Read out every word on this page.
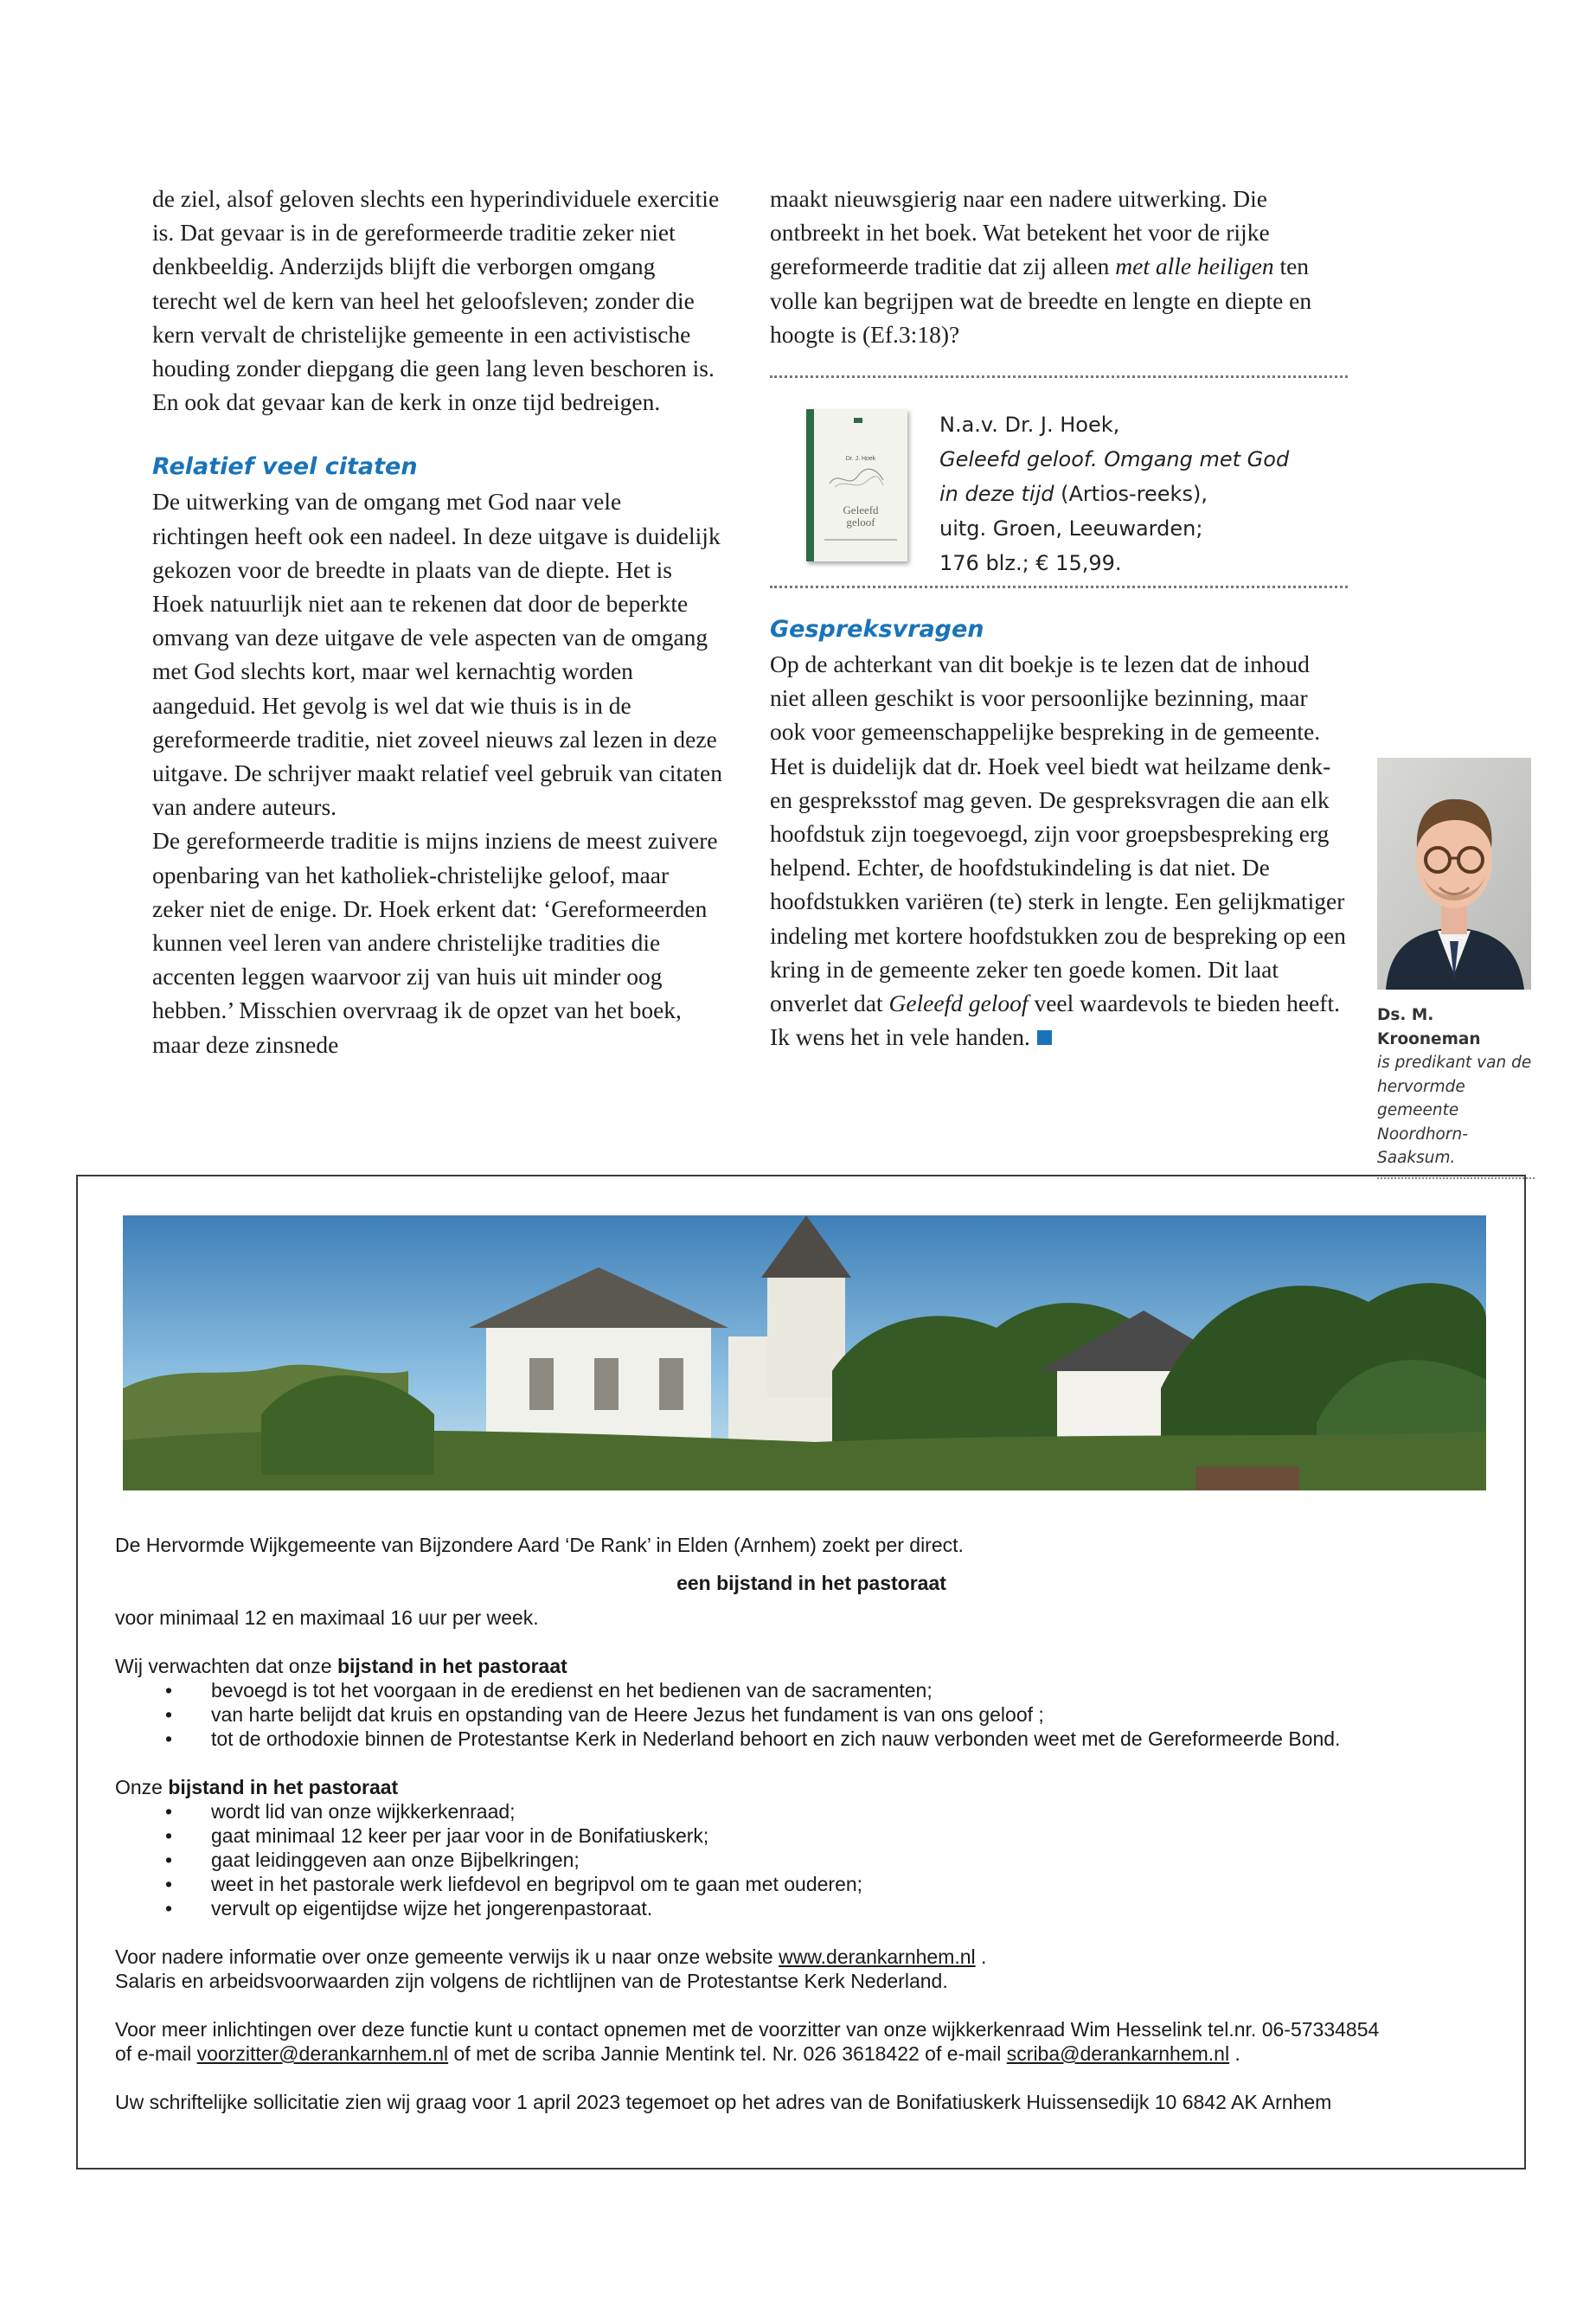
de ziel, alsof geloven slechts een hyperindividuele exercitie is. Dat gevaar is in de gereformeerde traditie zeker niet denkbeeldig. Anderzijds blijft die verborgen omgang terecht wel de kern van heel het geloofsleven; zonder die kern vervalt de christelijke gemeente in een activistische houding zonder diepgang die geen lang leven beschoren is. En ook dat gevaar kan de kerk in onze tijd bedreigen.

Relatief veel citaten

De uitwerking van de omgang met God naar vele richtingen heeft ook een nadeel. In deze uitgave is duidelijk gekozen voor de breedte in plaats van de diepte. Het is Hoek natuurlijk niet aan te rekenen dat door de beperkte omvang van deze uitgave de vele aspecten van de omgang met God slechts kort, maar wel kernachtig worden aangeduid. Het gevolg is wel dat wie thuis is in de gereformeerde traditie, niet zoveel nieuws zal lezen in deze uitgave. De schrijver maakt relatief veel gebruik van citaten van andere auteurs.

De gereformeerde traditie is mijns inziens de meest zuivere openbaring van het katholiek-christelijke geloof, maar zeker niet de enige. Dr. Hoek erkent dat: ‘Gereformeerden kunnen veel leren van andere christelijke tradities die accenten leggen waarvoor zij van huis uit minder oog hebben.’ Misschien overvraag ik de opzet van het boek, maar deze zinsnede

maakt nieuwsgierig naar een nadere uitwerking. Die ontbreekt in het boek. Wat betekent het voor de rijke gereformeerde traditie dat zij alleen met alle heiligen ten volle kan begrijpen wat de breedte en lengte en diepte en hoogte is (Ef.3:18)?

Dr. J. Hoek
Geleefd
geloof
N.a.v. Dr. J. Hoek,
Geleefd geloof. Omgang met God
in deze tijd (Artios-reeks),
uitg. Groen, Leeuwarden;
176 blz.; € 15,99.
Gespreksvragen

Op de achterkant van dit boekje is te lezen dat de inhoud niet alleen geschikt is voor persoonlijke bezinning, maar ook voor gemeenschappelijke bespreking in de gemeente. Het is duidelijk dat dr. Hoek veel biedt wat heilzame denk- en gespreksstof mag geven. De gespreksvragen die aan elk hoofdstuk zijn toegevoegd, zijn voor groepsbespreking erg helpend. Echter, de hoofdstukindeling is dat niet. De hoofdstukken variëren (te) sterk in lengte. Een gelijkmatiger indeling met kortere hoofdstukken zou de bespreking op een kring in de gemeente zeker ten goede komen. Dit laat onverlet dat Geleefd geloof veel waardevols te bieden heeft. Ik wens het in vele handen.

Ds. M. Krooneman
is predikant van de
hervormde gemeente
Noordhorn-Saaksum.

De Hervormde Wijkgemeente van Bijzondere Aard ‘De Rank’ in Elden (Arnhem) zoekt per direct.

een bijstand in het pastoraat

voor minimaal 12 en maximaal 16 uur per week.

Wij verwachten dat onze bijstand in het pastoraat

• bevoegd is tot het voorgaan in de eredienst en het bedienen van de sacramenten;
• van harte belijdt dat kruis en opstanding van de Heere Jezus het fundament is van ons geloof ;
• tot de orthodoxie binnen de Protestantse Kerk in Nederland behoort en zich nauw verbonden weet met de Gereformeerde Bond.

Onze bijstand in het pastoraat

• wordt lid van onze wijkkerkenraad;
• gaat minimaal 12 keer per jaar voor in de Bonifatiuskerk;
• gaat leidinggeven aan onze Bijbelkringen;
• weet in het pastorale werk liefdevol en begripvol om te gaan met ouderen;
• vervult op eigentijdse wijze het jongerenpastoraat.

Voor nadere informatie over onze gemeente verwijs ik u naar onze website www.derankarnhem.nl .

Salaris en arbeidsvoorwaarden zijn volgens de richtlijnen van de Protestantse Kerk Nederland.

Voor meer inlichtingen over deze functie kunt u contact opnemen met de voorzitter van onze wijkkerkenraad Wim Hesselink tel.nr. 06-57334854

of e-mail voorzitter@derankarnhem.nl of met de scriba Jannie Mentink tel. Nr. 026 3618422 of e-mail scriba@derankarnhem.nl .

Uw schriftelijke sollicitatie zien wij graag voor 1 april 2023 tegemoet op het adres van de Bonifatiuskerk Huissensedijk 10 6842 AK Arnhem
